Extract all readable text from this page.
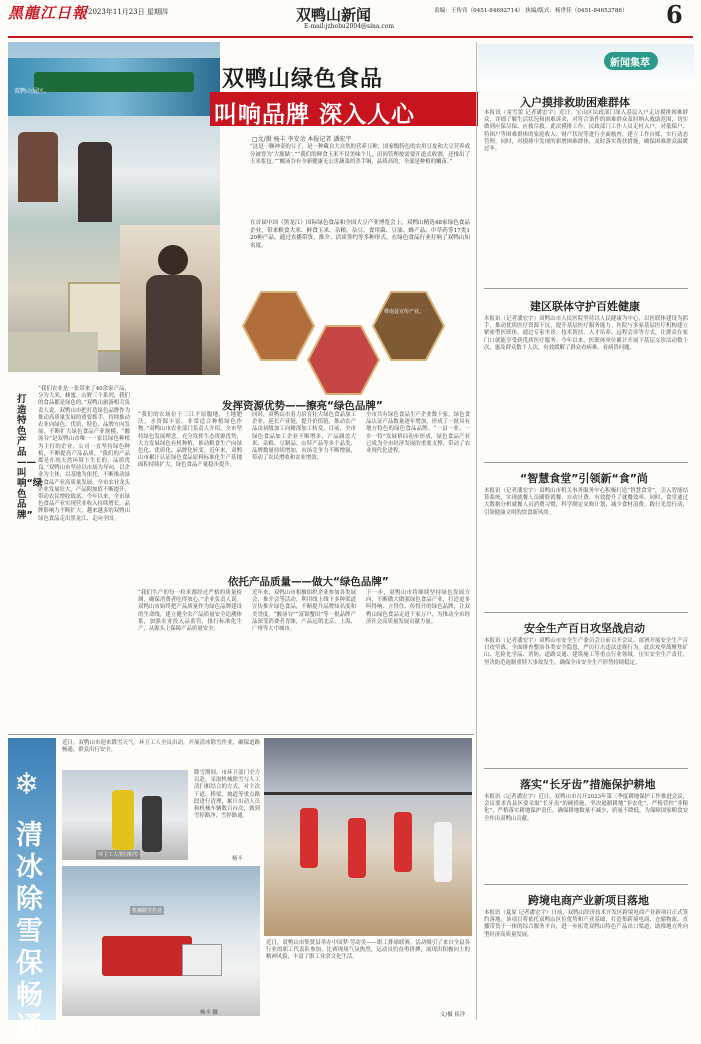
黑龍江日報 2023年11月23日 星期四	双鸭山新闻
E-mail:jzhebu2004@sina.com
责编：王传宾（0451-84692714） 执编/版式：杨世佳（0451-84653786） 6
双鸭山展区。	双鸭山绿色食品
叫响品牌 深入人心
□文/摄 杨丰 李安余 本报记者 潘宏宇
“这是一颗神奇的豆子，是一种藏自大自然的营养豆种，国家级特色的农用豆皮和大豆营养成分被誉为‘大瓶储’。”“我们的鲜食玉米不仅美味个儿，田间管理按需要开道式收割，还推出了玉米浆包。”“酸汤谷有全新健康无公害蔬菜的杀手锏，品质高的，全部是种植的嫩苗。”
在首届中国（黑龙江）国际绿色食品和全国大豆产业博览会上，双鸭山精选48家绿色食品企业，带来粮食大米、鲜食玉米、杂粮、杂豆、食用菌、豆油、蜂产品、中草药等17类120种产品。通过直播带货、推介、洽谈签约等多种形式，在绿色食品行业打响了双鸭山知名度。
桦南县宣传产业。
打造特色产品——叫响“绿色品牌”
“我们农业是一张带来了40余家产品，分为大米、蜂蜜、山野三个系列，我们的食品都是绿色的。”双鸭山旅游相关负责人说。双鸭山市把打造绿色品牌作为推动高质量发展的重要抓手，持续推动农业向绿色、优质、特色、品牌方向发展，不断扩大绿色食品产业规模。“酸汤谷”是双鸭山市唯一一家以绿色种植为主打的企业，公司一直坚持绿色种植，不断提高产品品质。“我们的产品都是在纯天然环境下生长的，品质优良。”双鸭山市坚持以市场为导向，以企业为主体，以基地为依托，不断推动绿色食品产业高质量发展。全市农业龙头企业发展壮大，产品附加值不断提升，带动农民增收致富。今年以来，全市绿色食品产业实现营业收入持续增长，品牌影响力不断扩大，越来越多的双鸭山绿色食品走出黑龙江、走向全国。
发挥资源优势——擦亮“绿色品牌”
“我们的农场位于三江平原腹地，土地肥沃，水资源丰富，非常适合种植绿色作物。”双鸭山市农业部门负责人介绍，全市坚持绿色发展理念，充分发挥生态资源优势，大力发展绿色有机种植，推动粮食生产向绿色化、优质化、品牌化转变。近年来，双鸭山市累计认证绿色食品原料标准化生产基地面积持续扩大，绿色食品产量稳步提升。
同时，双鸭山市着力培育壮大绿色食品加工企业，延长产业链，提升价值链，推动农产品由初级加工向精深加工转变。目前，全市绿色食品加工企业不断增多，产品涵盖大米、杂粮、豆制品、山特产品等多个品类，品牌数量持续增加，市场竞争力不断增强，带动了农民增收和农业增效。
全市共有绿色食品生产企业数十家，绿色食品认证产品数量逐年增加，形成了一批具有地方特色的绿色食品品牌。“一县一业、一乡一特”发展格局初步形成，绿色食品产业已成为全市经济发展的重要支撑，带动了农业现代化进程。
依托产品质量——做大“绿色品牌”
“我们生产的每一粒米都经过严格的质量检测，确保消费者吃得放心。”企业负责人说。双鸭山市始终把产品质量作为绿色品牌建设的生命线，建立健全农产品质量安全追溯体系，加强农业投入品监管，推行标准化生产，从源头上保障产品质量安全。
近年来，双鸭山市积极组织企业参加各类展会、推介会等活动，利用线上线下多种渠道宣传推介绿色食品，不断提升品牌知名度和美誉度。“酸汤谷”“富锦蟹田”等一批品牌产品深受消费者青睐，产品远销北京、上海、广州等大中城市。
下一步，双鸭山市将继续坚持绿色发展方向，不断做大做强绿色食品产业，打造更多叫得响、立得住、传得开的绿色品牌，让双鸭山绿色食品走进千家万户，为推动全市经济社会高质量发展贡献力量。
新闻集萃
入户摸排救助困难群体
本报讯（童雪蕾 记者潘宏宇）近日，宝山区民政部门深入基层入户走访摸排困难群众，详细了解生活状况和困难诉求，对符合条件的困难群众及时纳入救助范围，切实做到应保尽保、应救尽救。此次摸排工作，民政部门工作人员走村入户，对低保户、特困户等困难群体的家庭收入、财产状况等进行全面核查，建立工作台账，实行动态管理。同时，对摸排中发现的新增困难群体，及时落实帮扶措施，确保困难群众温暖过冬。
建区联体守护百姓健康
本报讯（记者潘宏宇）双鸭山市人民医院坚持以人民健康为中心，以医联体建设为抓手，推动优质医疗资源下沉，提升基层医疗服务能力。医院与多家基层医疗机构建立紧密型医联体，通过专家坐诊、技术帮扶、人才培养、远程会诊等方式，让群众在家门口就能享受到优质医疗服务。今年以来，医联体单位累计开展下基层义诊活动数十次，惠及群众数千人次，有效缓解了群众看病难、看病贵问题。
“智慧食堂”引领新“食”尚
本报讯（记者潘宏宇）双鸭山市机关事务服务中心积极打造“智慧食堂”，引入智能结算系统，实现就餐人员刷脸就餐、自动计费，有效提升了就餐效率。同时，食堂通过大数据分析就餐人员消费习惯，科学制定采购计划，减少食材浪费，践行光盘行动，引领健康文明的饮食新风尚。
安全生产百日攻坚战启动
本报讯（记者潘宏宇）双鸭山市安全生产委员会日前召开会议，部署开展安全生产百日攻坚战，全面排查整治各类安全隐患，严厉打击违法违规行为。此次攻坚战聚焦矿山、危险化学品、消防、道路交通、建筑施工等重点行业领域，压实安全生产责任，坚决防范遏制重特大事故发生，确保全市安全生产形势持续稳定。
落实“长牙齿”措施保护耕地
本报讯（记者潘宏宇）近日，双鸭山市召开2023年第三季度耕地保护工作推进会议，会议要求各县区要采取“长牙齿”的硬措施，坚决遏制耕地“非农化”、严格管控“非粮化”，严格落实耕地保护责任，确保耕地数量不减少、质量不降低，为保障国家粮食安全作出双鸭山贡献。
跨境电商产业新项目落地
本报讯（夏原 记者潘宏宇）日前，双鸭山经济技术开发区跨境电商产业新项目正式签约落地。该项目将依托双鸭山区位优势和产业基础，打造集跨境电商、仓储物流、直播带货于一体的综合服务平台，进一步拓宽双鸭山特色产品出口渠道，助推地方外向型经济高质量发展。
❄
清冰除雪保畅通
近日，双鸭山市迎来降雪天气。环卫工人全员出动，开展清冰除雪作业，确保道路畅通、群众出行安全。
环卫工人清扫积雪
降雪期间，市环卫部门全力以赴，采取机械除雪与人工清扫相结合的方式，对主次干道、桥梁、坡道等重点路段进行清理，累计出动人员和机械车辆数百台次，做到雪停路净、雪停路通。
杨丰
机械除雪作业
杨丰 摄
近日，双鸭山市集贤县举办中国梦·劳动美——职工排球联赛。活动吸引了来自全县各行业的职工代表队参加，比赛现场气氛热烈，运动员们奋勇拼搏，展现出积极向上的精神风貌，丰富了职工业余文化生活。
文/摄 崔洋
